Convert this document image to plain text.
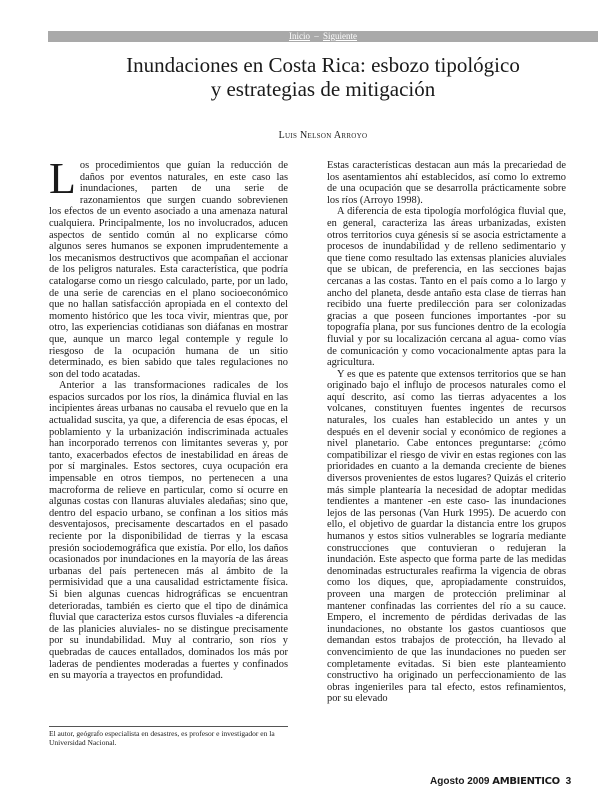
Inicio – Siguiente
Inundaciones en Costa Rica: esbozo tipológico
y estrategias de mitigación
Luis Nelson Arroyo

Los procedimientos que guían la reducción de daños por eventos naturales, en este caso las inundaciones, parten de una serie de razonamientos que surgen cuando sobrevienen los efectos de un evento asociado a una amenaza natural cualquiera. Principalmente, los no involucrados, aducen aspectos de sentido común al no explicarse cómo algunos seres humanos se exponen imprudentemente a los mecanismos destructivos que acompañan el accionar de los peligros naturales. Esta característica, que podría catalogarse como un riesgo calculado, parte, por un lado, de una serie de carencias en el plano socioeconómico que no hallan satisfacción apropiada en el contexto del momento histórico que les toca vivir, mientras que, por otro, las experiencias cotidianas son diáfanas en mostrar que, aunque un marco legal contemple y regule lo riesgoso de la ocupación humana de un sitio determinado, es bien sabido que tales regulaciones no son del todo acatadas.

Anterior a las transformaciones radicales de los espacios surcados por los ríos, la dinámica fluvial en las incipientes áreas urbanas no causaba el revuelo que en la actualidad suscita, ya que, a diferencia de esas épocas, el poblamiento y la urbanización indiscriminada actuales han incorporado terrenos con limitantes severas y, por tanto, exacerbados efectos de inestabilidad en áreas de por sí marginales. Estos sectores, cuya ocupación era impensable en otros tiempos, no pertenecen a una macroforma de relieve en particular, como sí ocurre en algunas costas con llanuras aluviales aledañas; sino que, dentro del espacio urbano, se confinan a los sitios más desventajosos, precisamente descartados en el pasado reciente por la disponibilidad de tierras y la escasa presión sociodemográfica que existía. Por ello, los daños ocasionados por inundaciones en la mayoría de las áreas urbanas del país pertenecen más al ámbito de la permisividad que a una causalidad estrictamente física. Si bien algunas cuencas hidrográficas se encuentran deterioradas, también es cierto que el tipo de dinámica fluvial que caracteriza estos cursos fluviales -a diferencia de las planicies aluviales- no se distingue precisamente por su inundabilidad. Muy al contrario, son ríos y quebradas de cauces entallados, dominados los más por laderas de pendientes moderadas a fuertes y confinados en su mayoría a trayectos en profundidad.

El autor, geógrafo especialista en desastres, es profesor e investigador en la Universidad Nacional.

Estas características destacan aun más la precariedad de los asentamientos ahí establecidos, así como lo extremo de una ocupación que se desarrolla prácticamente sobre los ríos (Arroyo 1998).

A diferencia de esta tipología morfológica fluvial que, en general, caracteriza las áreas urbanizadas, existen otros territorios cuya génesis sí se asocia estrictamente a procesos de inundabilidad y de relleno sedimentario y que tiene como resultado las extensas planicies aluviales que se ubican, de preferencia, en las secciones bajas cercanas a las costas. Tanto en el país como a lo largo y ancho del planeta, desde antaño esta clase de tierras han recibido una fuerte predilección para ser colonizadas gracias a que poseen funciones importantes -por su topografía plana, por sus funciones dentro de la ecología fluvial y por su localización cercana al agua- como vías de comunicación y como vocacionalmente aptas para la agricultura.

Y es que es patente que extensos territorios que se han originado bajo el influjo de procesos naturales como el aquí descrito, así como las tierras adyacentes a los volcanes, constituyen fuentes ingentes de recursos naturales, los cuales han establecido un antes y un después en el devenir social y económico de regiones a nivel planetario. Cabe entonces preguntarse: ¿cómo compatibilizar el riesgo de vivir en estas regiones con las prioridades en cuanto a la demanda creciente de bienes diversos provenientes de estos lugares? Quizás el criterio más simple plantearía la necesidad de adoptar medidas tendientes a mantener -en este caso- las inundaciones lejos de las personas (Van Hurk 1995). De acuerdo con ello, el objetivo de guardar la distancia entre los grupos humanos y estos sitios vulnerables se lograría mediante construcciones que contuvieran o redujeran la inundación. Este aspecto que forma parte de las medidas denominadas estructurales reafirma la vigencia de obras como los diques, que, apropiadamente construidos, proveen una margen de protección preliminar al mantener confinadas las corrientes del río a su cauce. Empero, el incremento de pérdidas derivadas de las inundaciones, no obstante los gastos cuantiosos que demandan estos trabajos de protección, ha llevado al convencimiento de que las inundaciones no pueden ser completamente evitadas. Si bien este planteamiento constructivo ha originado un perfeccionamiento de las obras ingenieriles para tal efecto, estos refinamientos, por su elevado

Agosto 2009 AMBIENTICO 3
